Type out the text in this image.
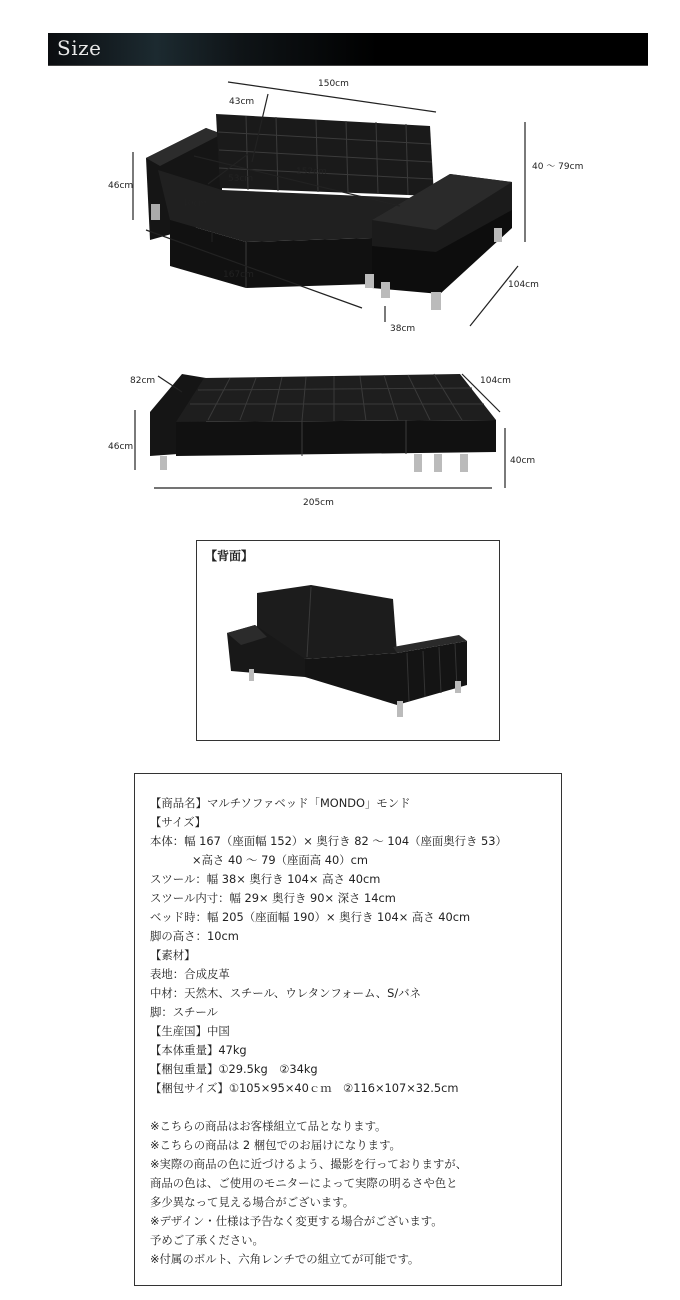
Size
150cm
43cm
152cm
53cm
40cm
46cm
167cm
40 ～ 79cm
104cm
38cm
82cm	104cm
46cm
40cm
205cm
【背面】
【商品名】マルチソファベッド「MONDO」モンド
【サイズ】
本体：幅 167（座面幅 152）× 奥行き 82 ～ 104（座面奥行き 53）
×高さ 40 ～ 79（座面高 40）cm
スツール：幅 38× 奥行き 104× 高さ 40cm
スツール内寸：幅 29× 奥行き 90× 深さ 14cm
ベッド時：幅 205（座面幅 190）× 奥行き 104× 高さ 40cm
脚の高さ：10cm
【素材】
表地：合成皮革
中材：天然木、スチール、ウレタンフォーム、S/バネ
脚：スチール
【生産国】中国
【本体重量】47kg
【梱包重量】①29.5kg　②34kg
【梱包サイズ】①105×95×40ｃｍ　②116×107×32.5cm
※こちらの商品はお客様組立て品となります。
※こちらの商品は 2 梱包でのお届けになります。
※実際の商品の色に近づけるよう、撮影を行っておりますが、
商品の色は、ご使用のモニターによって実際の明るさや色と
多少異なって見える場合がございます。
※デザイン・仕様は予告なく変更する場合がございます。
予めご了承ください。
※付属のボルト、六角レンチでの組立てが可能です。
